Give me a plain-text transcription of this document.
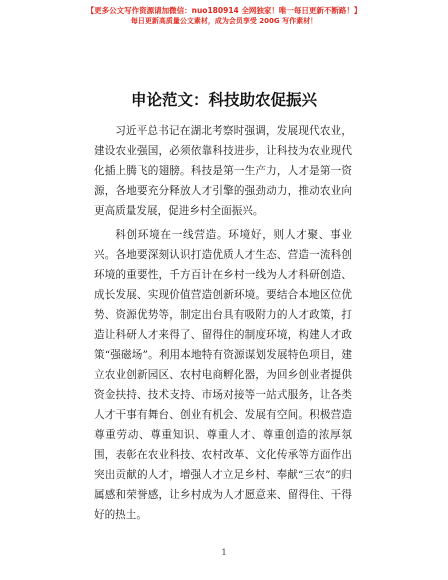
【更多公文写作资源请加微信：nuo180914 全网独家！唯一每日更新不断路！】
每日更新高质量公文素材，成为会员享受 200G 写作素材！
申论范文：科技助农促振兴

习近平总书记在湖北考察时强调，发展现代农业，建设农业强国，必须依靠科技进步，让科技为农业现代化插上腾飞的翅膀。科技是第一生产力，人才是第一资源，各地要充分释放人才引擎的强劲动力，推动农业向更高质量发展，促进乡村全面振兴。

科创环境在一线营造。环境好，则人才聚、事业兴。各地要深刻认识打造优质人才生态、营造一流科创环境的重要性，千方百计在乡村一线为人才科研创造、成长发展、实现价值营造创新环境。要结合本地区位优势、资源优势等，制定出台具有吸附力的人才政策，打造让科研人才来得了、留得住的制度环境，构建人才政策“强磁场”。利用本地特有资源谋划发展特色项目，建立农业创新园区、农村电商孵化器，为回乡创业者提供资金扶持、技术支持、市场对接等一站式服务，让各类人才干事有舞台、创业有机会、发展有空间。积极营造尊重劳动、尊重知识、尊重人才、尊重创造的浓厚氛围，表彰在农业科技、农村改革、文化传承等方面作出突出贡献的人才，增强人才立足乡村、奉献“三农”的归属感和荣誉感，让乡村成为人才愿意来、留得住、干得好的热土。

1
